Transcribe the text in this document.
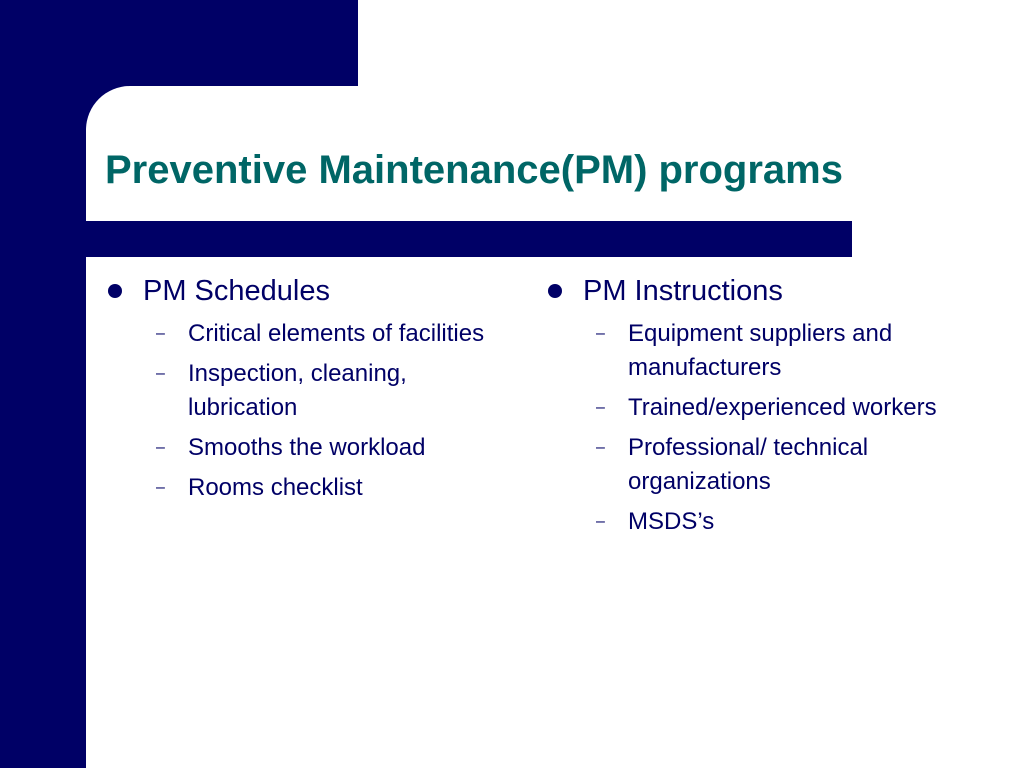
Preventive Maintenance(PM) programs
PM Schedules
– Critical elements of facilities
– Inspection, cleaning, lubrication
– Smooths the workload
– Rooms checklist
PM Instructions
– Equipment suppliers and manufacturers
– Trained/experienced workers
– Professional/ technical organizations
– MSDS’s
